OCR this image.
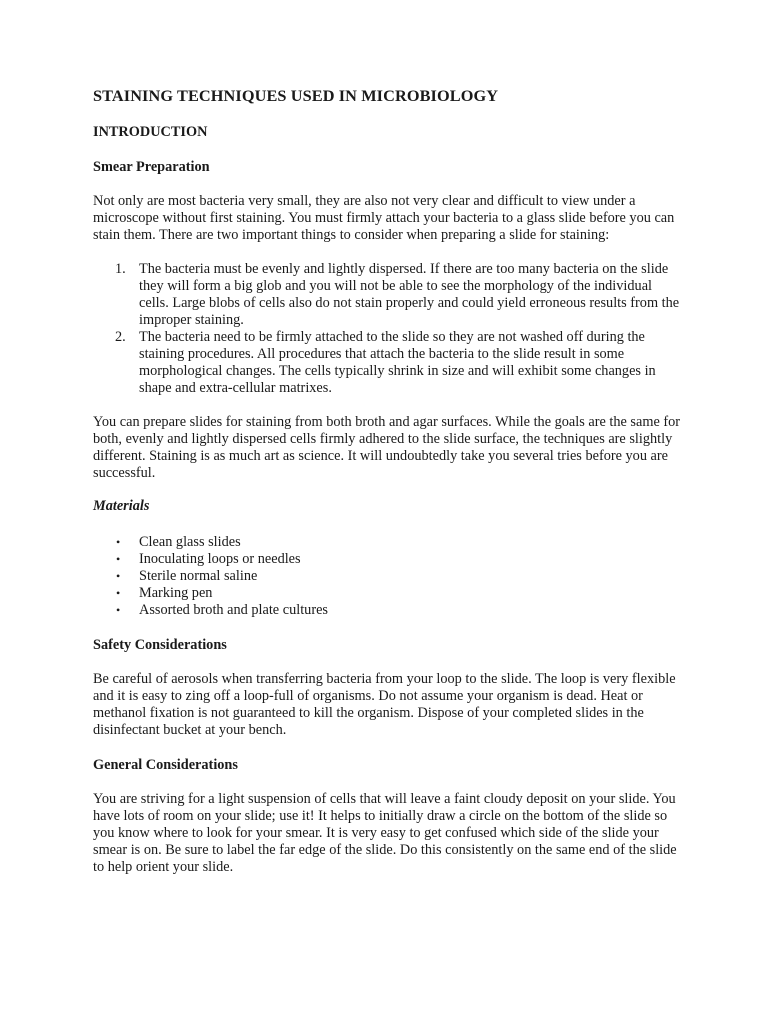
STAINING TECHNIQUES USED IN MICROBIOLOGY
INTRODUCTION
Smear Preparation

Not only are most bacteria very small, they are also not very clear and difficult to view under a microscope without first staining. You must firmly attach your bacteria to a glass slide before you can stain them. There are two important things to consider when preparing a slide for staining:

1. The bacteria must be evenly and lightly dispersed. If there are too many bacteria on the slide they will form a big glob and you will not be able to see the morphology of the individual cells. Large blobs of cells also do not stain properly and could yield erroneous results from the improper staining.
2. The bacteria need to be firmly attached to the slide so they are not washed off during the staining procedures. All procedures that attach the bacteria to the slide result in some morphological changes. The cells typically shrink in size and will exhibit some changes in shape and extra-cellular matrixes.

You can prepare slides for staining from both broth and agar surfaces. While the goals are the same for both, evenly and lightly dispersed cells firmly adhered to the slide surface, the techniques are slightly different. Staining is as much art as science. It will undoubtedly take you several tries before you are successful.

Materials
• Clean glass slides
• Inoculating loops or needles
• Sterile normal saline
• Marking pen
• Assorted broth and plate cultures
Safety Considerations

Be careful of aerosols when transferring bacteria from your loop to the slide. The loop is very flexible and it is easy to zing off a loop-full of organisms. Do not assume your organism is dead. Heat or methanol fixation is not guaranteed to kill the organism. Dispose of your completed slides in the disinfectant bucket at your bench.

General Considerations

You are striving for a light suspension of cells that will leave a faint cloudy deposit on your slide. You have lots of room on your slide; use it! It helps to initially draw a circle on the bottom of the slide so you know where to look for your smear. It is very easy to get confused which side of the slide your smear is on. Be sure to label the far edge of the slide. Do this consistently on the same end of the slide to help orient your slide.
